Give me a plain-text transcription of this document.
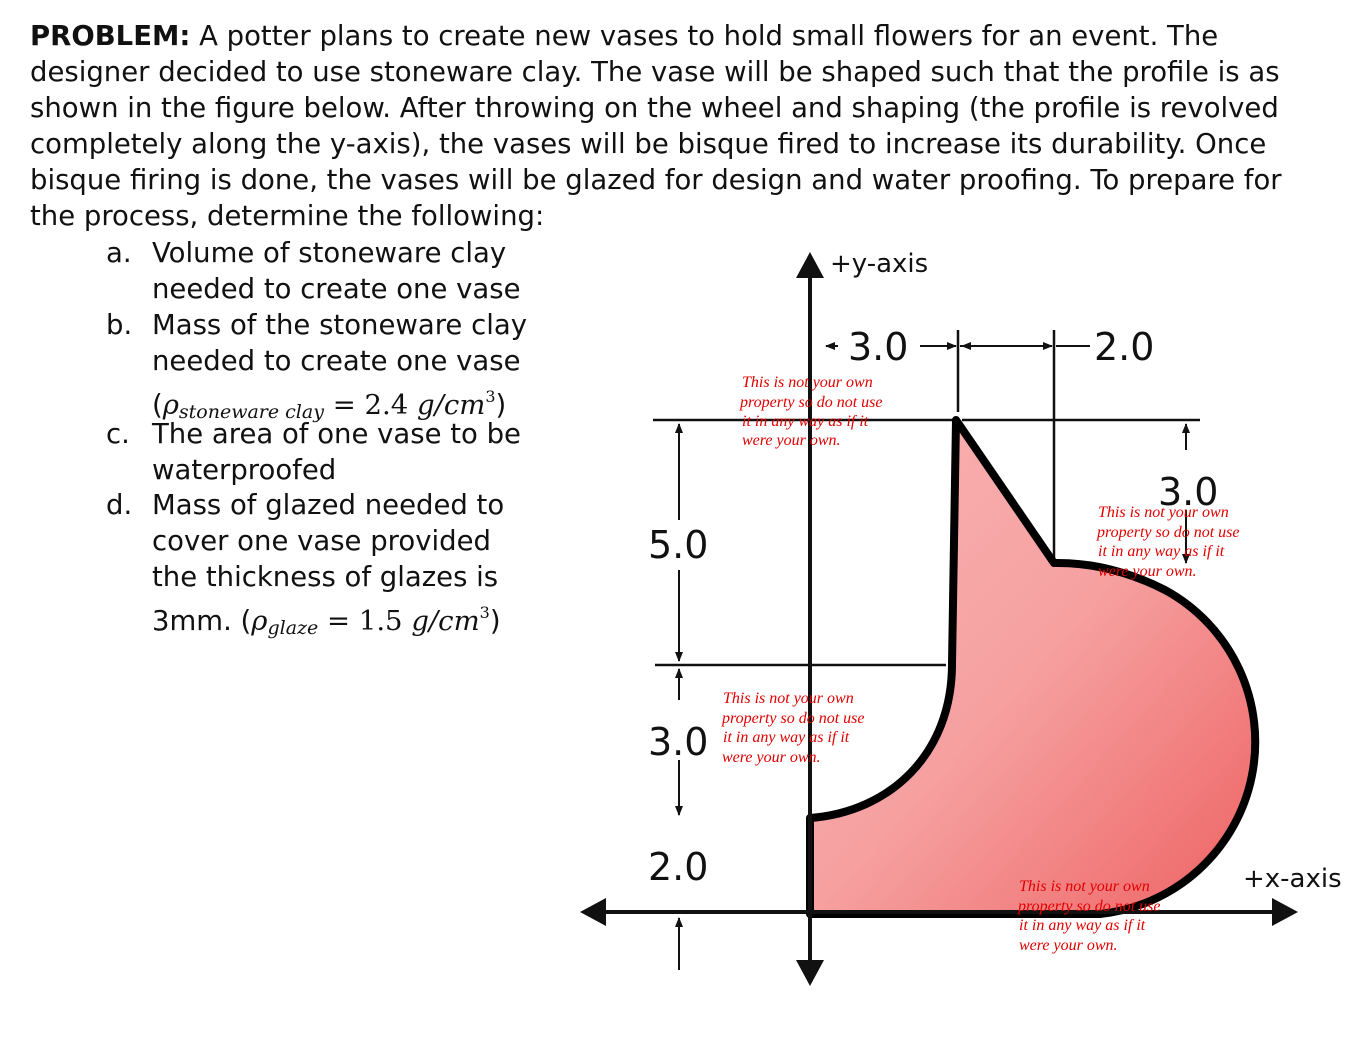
PROBLEM: A potter plans to create new vases to hold small flowers for an event. The designer decided to use stoneware clay. The vase will be shaped such that the profile is as shown in the figure below. After throwing on the wheel and shaping (the profile is revolved completely along the y-axis), the vases will be bisque fired to increase its durability. Once bisque firing is done, the vases will be glazed for design and water proofing. To prepare for the process, determine the following:

a. Volume of stoneware clay
needed to create one vase
b. Mass of the stoneware clay
needed to create one vase
($\rho_{stoneware clay} = 2.4$ $g/cm^3$)
c. The area of one vase to be
waterproofed
d. Mass of glazed needed to
cover one vase provided
the thickness of glazes is
3mm. ($\rho_{glaze} = 1.5$ $g/cm^3$)
+y-axis
+x-axis
3.0	2.0
5.0
3.0
2.0
3.0
This is not your own
property so do not use
it in any way as if it
were your own.
This is not your own
property so do not use
it in any way as if it
were your own.
This is not your own
property so do not use
it in any way as if it
were your own.
This is not your own
property so do not use
it in any way as if it
were your own.
